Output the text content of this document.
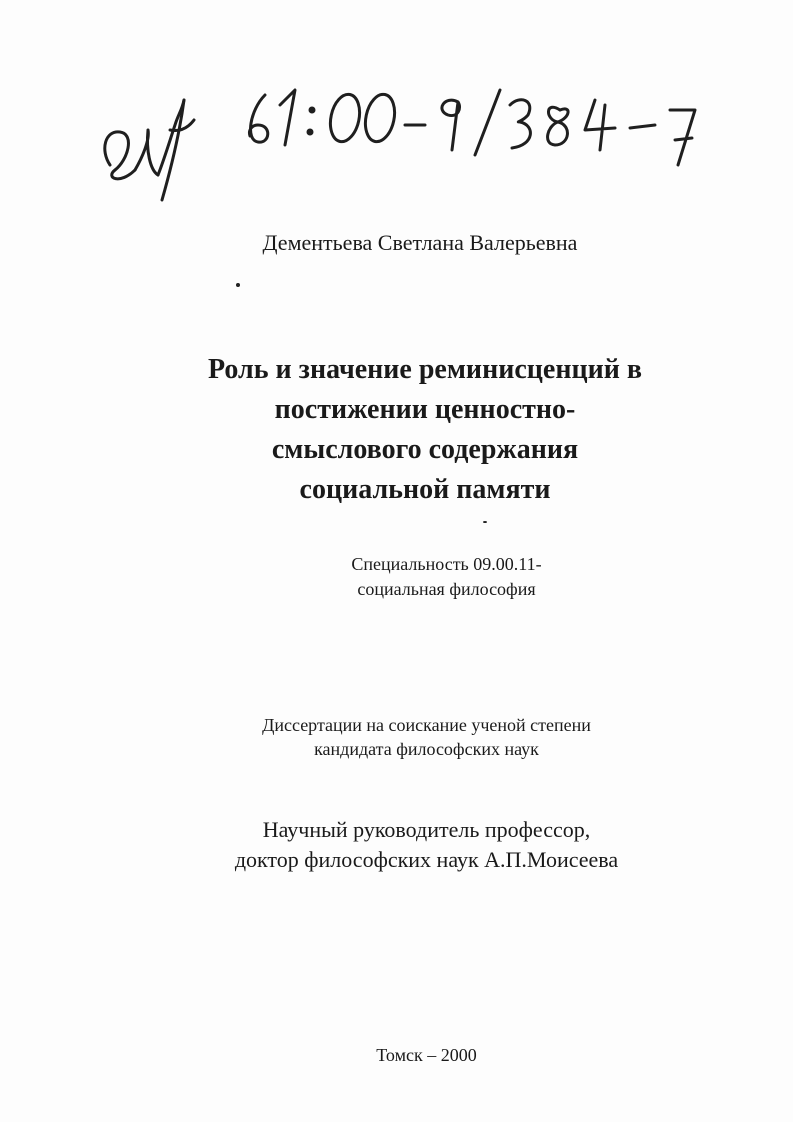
Дементьева Светлана Валерьевна
Роль и значение реминисценций в
постижении ценностно-
смыслового содержания
социальной памяти
Специальность 09.00.11-
социальная философия
Диссертации на соискание ученой степени
кандидата философских наук
Научный руководитель профессор,
доктор философских наук А.П.Моисеева
Томск – 2000
